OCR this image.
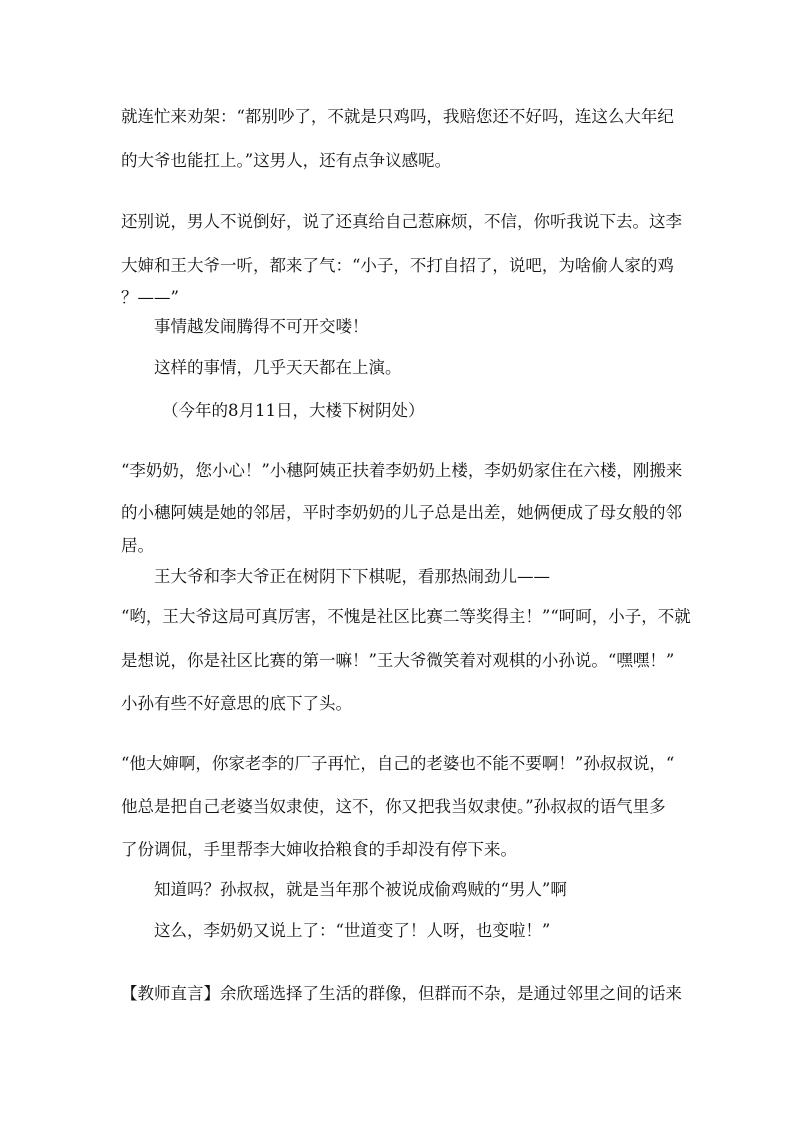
就连忙来劝架：“都别吵了，不就是只鸡吗，我赔您还不好吗，连这么大年纪
的大爷也能扛上。”这男人，还有点争议感呢。
还别说，男人不说倒好，说了还真给自己惹麻烦，不信，你听我说下去。这李
大婶和王大爷一听，都来了气：“小子，不打自招了，说吧，为啥偷人家的鸡
？——”
事情越发闹腾得不可开交喽！
这样的事情，几乎天天都在上演。
（今年的8月11日，大楼下树阴处）
“李奶奶，您小心！”小穗阿姨正扶着李奶奶上楼，李奶奶家住在六楼，刚搬来
的小穗阿姨是她的邻居，平时李奶奶的儿子总是出差，她俩便成了母女般的邻
居。
王大爷和李大爷正在树阴下下棋呢，看那热闹劲儿——
“哟，王大爷这局可真厉害，不愧是社区比赛二等奖得主！”“呵呵，小子，不就
是想说，你是社区比赛的第一嘛！”王大爷微笑着对观棋的小孙说。“嘿嘿！”
小孙有些不好意思的底下了头。
“他大婶啊，你家老李的厂子再忙，自己的老婆也不能不要啊！”孙叔叔说，“
他总是把自己老婆当奴隶使，这不，你又把我当奴隶使。”孙叔叔的语气里多
了份调侃，手里帮李大婶收拾粮食的手却没有停下来。
知道吗？孙叔叔，就是当年那个被说成偷鸡贼的“男人”啊
这么，李奶奶又说上了：“世道变了！人呀，也变啦！”
【教师直言】余欣瑶选择了生活的群像，但群而不杂，是通过邻里之间的话来
